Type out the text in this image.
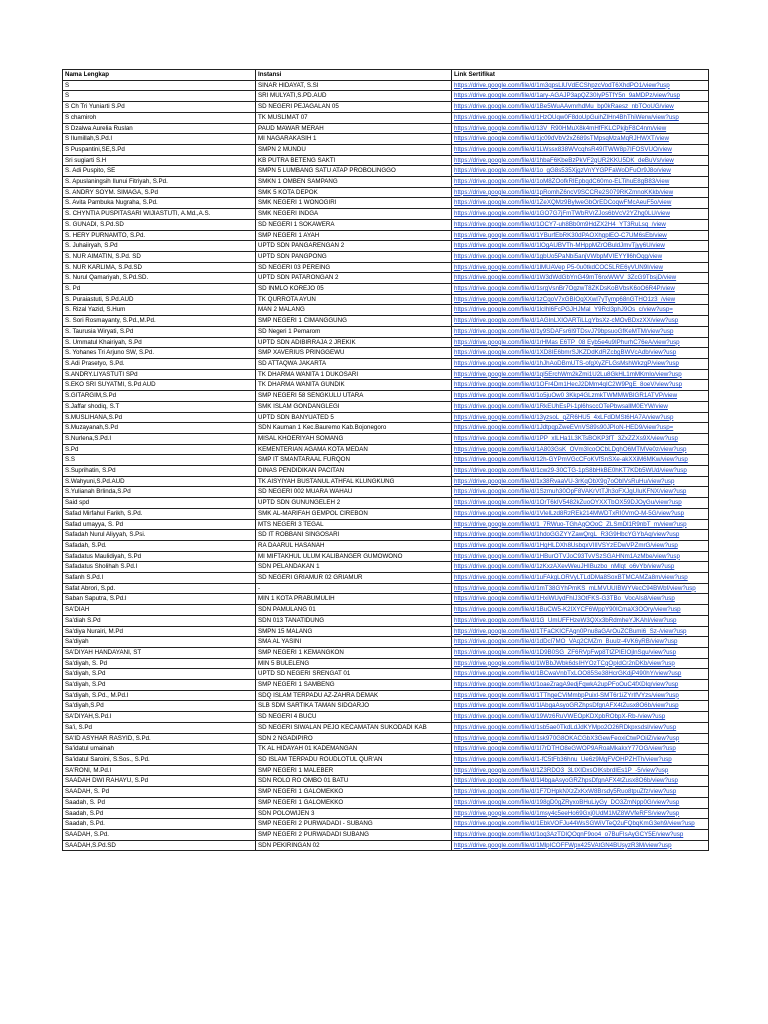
Nama Lengkap	Instansi	Link Sertifikat
S	SINAR HIDAYAT, S.SI	https://drive.google.com/file/d/1m3qpsLlUVdECShpzcVodT6XhdPO1/view?usp
S	SRI MULYATI,S.PD.AUD	https://drive.google.com/file/d/1ary-AGAJP3apQZ30IyP5TfY5n_9aMDPz/view?usp
S Ch Tri Yuniarti S.Pd	SD NEGERI PEJAGALAN 05	https://drive.google.com/file/d/1Be5WuAAvmrhdMu_bp0kRaesz_nbTOoUG/view
S chamiroh	TK MUSLIMAT 07	https://drive.google.com/file/d/1HzOUqw0F8doUpGuihZlHn4BhThiWerw/view?usp
S Dzalwa Aurelia Ruslan	PAUD MAWAR MERAH	https://drive.google.com/file/d/13V_R90HMuX8k4mHfFKLCPkjbF8C4nm/view
S Ilumillah,S.Pd.I	MI NAGARAKASIH 1	https://drive.google.com/file/d/1jc09dVbV2xZ689sTMpsqMzaMqRJHWXT/view
S Puspantini,SE,S.Pd	SMPN 2 MUNDU	https://drive.google.com/file/d/1LWssx838WVcqhsR49ITWW8p7IFOSVUO/view
Sri sugiarti S.H	KB PUTRA BETENG SAKTI	https://drive.google.com/file/d/1hbaF6KbeBzPkVF2gUR2KKU5DK_deBuVs/view
S. Adi Puspito, SE	SMPN 5 LUMBANG SATU ATAP PROBOLINGGO	https://drive.google.com/file/d/1o_gG8s535XjgzVnYYGPFaWoDFuOr9J8o/view
S. Apuslaningsih Ilunui Fitriyah, S.Pd.	SMKN 1 OMBEN SAMPANG	https://drive.google.com/file/d/1oM8ZOofkRlEpbqdC60mo-ELTihuE8gB83/view
S. ANDRY SOYM. SIMAGA, S.Pd	SMK 5 KOTA DEPOK	https://drive.google.com/file/d/1pRomhZ6ncV9SCCRe2S079RKZmnoKKkb/view
S. Avita Pambuka Nugraha, S.Pd.	SMK NEGERI 1 WONOGIRI	https://drive.google.com/file/d/1ZeXQMz9BylweGbOrEDCoqwFMcAeuF5o/view
S. CHYNTIA PUSPITASARI WIJIASTUTI, A.Md.,A.S.	SMK NEGERI INDGA	https://drive.google.com/file/d/1GO7G7jFmTWbRVrZJos6bVcV2YZhg0LU/view
S. GUNADI, S.Pd.SD	SD NEGERI 1 SOKAWERA	https://drive.google.com/file/d/1OCY7-uh8Bb0m9HdZX2H4_YT3RuLsq_/view
S. HERY PURNAMTO, S.Pd.	SMP NEGERI 1 AYAH	https://drive.google.com/file/d/1YBurfEbRK30dPAOXhgplEO-C7UM6sEb/view
S. Juhaiiryah, S.Pd	UPTD SDN PANGARENGAN 2	https://drive.google.com/file/d/1lOgAUBVTh-MHppMZrOBuldJmvTjyy6U/view
S. NUR AIMATIN, S.Pd. SD	UPTD SDN PANGPONG	https://drive.google.com/file/d/1gbUo5PaNbi5anjVWbpMVIEYYll6hOqg/view
S. NUR KARLIMA, S.Pd.SD	SD NEGERI 03 PEREING	https://drive.google.com/file/d/1lMUAVep P5-0u0tkdCOC5LRE6yVUN9I/view
S. Nurul Qamariyah, S.Pd.SD.	UPTD SDN PATARONGAN 2	https://drive.google.com/file/d/1W3dWdGbYnG49mT6nxWWV_3ZcG9TbsjD/view
S. Pd	SD INMLO KOREJO 05	https://drive.google.com/file/d/1srgVsnBr7OgzwT8ZKDsKoBVbsK6oO6R4P/view
S. Puraiastuti, S.Pd.AUD	TK QURROTA AYUN	https://drive.google.com/file/d/1zCgoV7xGBIOgXXwl7yTymp68nGTHO1z3_/view
S. Rizal Yazid, S.Hum	MAN 2 MALANG	https://drive.google.com/file/d/1lcIhl6FcPGJHJMal_Y9Rcl3phJ9Os_c/view?usp=
S. Sori Rosmayanty, S.Pd.,M.Pd.	SMP NEGERI 1 CIMANGGUNG	https://drive.google.com/file/d/1AGInLXIOARTiLLgYbsXz-cMOvBDxzXX/view?usp
S. Taurusia Wiryati, S.Pd	SD Negeri 1 Pemarom	https://drive.google.com/file/d/1y9SDAFsr6I9TDsvJ79bpsuoGfKeMTM/view?usp
S. Ummatul Khairiyah, S.Pd	UPTD SDN ADIBIRRAJA 2 JREKIK	https://drive.google.com/file/d/1rHMas E6TP_08 Eyb5e4u9IPhurhC76eA/view?usp
S. Yohanes Tri Arjuno SW, S.Pd.	SMP XAVERIUS PRINGGEWU	https://drive.google.com/file/d/1XD8IE6bmrSJKZDdKdRZcbgBWVcAdb/view?usp
S.Adi Prasetyo, S.Pd.	SD ATTAQWA JAKARTA	https://drive.google.com/file/d/1hJhAoDBmUTS-ofgXyZFLGsMshWkzgP/view?usp
S.ANDRY.LIYASTUTI SPd	TK DHARMA WANITA 1 DUKOSARI	https://drive.google.com/file/d/1qI5ErchWm2kZmi1U2Lu8GkHL1mMKmlo/view?usp
S.EKO SRI SUYATMI, S.Pd AUD	TK DHARMA WANITA GUNDIK	https://drive.google.com/file/d/1OFr4Dm1HecJ2DMm4qIC2W9PgE_8oeV/view?usp
S.GITARGIM,S.Pd	SMP NEGERI 58 SENGKULU UTARA	https://drive.google.com/file/d/1o5juOw0 3Kkp4GLzmkTWMMWBIGR1ATVP/view
S.Jaffar shodiq, S.T	SMK ISLAM GONDANGLEGI	https://drive.google.com/file/d/1RkEUhEsPi-1pl6hsccOTePbwsallM0EYW/view
S.MUSLIHANA,S.Pd	UPTD SDN BANYUATED 5	https://drive.google.com/file/d/13yzsoL_qZR6HU5_4xLFdDMSt6HA7A/view?usp
S.Muzayanah,S.Pd	SDN Kauman 1 Kec.Bauremo Kab.Bojonegoro	https://drive.google.com/file/d/1JdtpqpZweEVnVS89s90JPIoN-HED9/view?usp=
S.Nurlena,S.Pd.I	MISAL KHOERIYAH SOMANG	https://drive.google.com/file/d/1PP_xILHa1L3KTsBOKP3fT_3ZxZZXs9X/view?usp
S.Pd	KEMENTERIAN AGAMA KOTA MEDAN	https://drive.google.com/file/d/1A803GsK_OVm3IcoOCbLDghO6MTMVe0z/view?usp
S.S	SMP IT SMANTARAAL FURQON	https://drive.google.com/file/d/12h-GYPmVGcCFoKVfSnSXe-akXXiM6MKw/view?usp
S.Suprihatin, S.Pd	DINAS PENDIDIKAN PACITAN	https://drive.google.com/file/d/1cw29-30CTG-1pS8bHkBE0hKT7KDb5WUd/view?usp
S.Wahyuni,S.Pd.AUD	TK AISYIYAH BUSTANUL ATHFAL KLUNGKUNG	https://drive.google.com/file/d/1x38RvaaVU-3rKqObX9g7oObIVsRuHu/view?usp
S.Yulianah Brlinda,S.Pd	SD NEGERI 002 MUARA WAHAU	https://drive.google.com/file/d/1Szmuh30OpF8VAKrVtTJh3oFXJgUIuKFNX/view?usp
Said spd	UPTD SDN GUNUNGELEH 2	https://drive.google.com/file/d/1OrT6kIV5482kZuoOYXXTbOX59DJOyGu/view?usp
Safad Mirfahul Farikh, S.Pd.	SMK AL-MARIFAH GEMPOL CIREBON	https://drive.google.com/file/d/1VlelLzd8RzREk214MWDTxRI0VmO-M-5G/view?usp
Safad umayya, S. Pd	MTS NEGERI 3 TEGAL	https://drive.google.com/file/d/1_7RWuo-TGhAgOOoC_ZLSmDl1R9nbT_m/view?usp
Safadah Nurul Aliyyah, S.Psi.	SD IT ROBBANI SINGOSARI	https://drive.google.com/file/d/1hdoGGZYYZawQrgL_R3G9HbcYGYbAq/view?usp
Safadah, S.Pd.	RA DAARUL HASANAH	https://drive.google.com/file/d/1HgHLDXh8UsbqxVIIIVSYzEDwVPZmrG/view?usp
Safadatus Maulidiyah, S.Pd	MI MIFTAKHUL ULUM KALIBANGER GUMOWONO	https://drive.google.com/file/d/1HBurOTVJoC93TvVSzSGAHNm1AzMbe/view?usp
Safadatus Sholihah S.Pd.I	SDN PELANDAKAN 1	https://drive.google.com/file/d/1zKxzAXevWeuJHIBuzbo_nMlqt_o6vYb/view?usp
Safanh S.Pd.I	SD NEGERI GRIAMUR 02 GRIAMUR	https://drive.google.com/file/d/1uFAkgLORVyLTLdDMa8SoxBTMCAMZa8m/view?usp
Safat Abrori, S.pd.	-	https://drive.google.com/file/d/1mT38GYhPmKS_mLMVUUIBWYVecC94BWbf/view?usp
Saban Saputra, S.Pd.I	MIN 1 KOTA PRABUMULIH	https://drive.google.com/file/d/1HxiWUydFhIJ3OtFKS-G3TBo_VocAIs8/view?usp
SA'DIAH	SDN PAMULANG 01	https://drive.google.com/file/d/1BuCW5-K2IXYCF6WppY90ICmaX3OOry/view?usp
Sa'diah S.Pd	SDN 013 TANATIDUNG	https://drive.google.com/file/d/1G_UmUFFHzeW3QXx3bRdmheYJKAhl/view?usp
Sa'diya Nurairi, M.Pd	SMPN 15 MALANG	https://drive.google.com/file/d/1TFaCKICFAgn0Pnu8aGArOuZCBumi6_Sz-/view?usp
Sa'diyah	SMA AL YASINI	https://drive.google.com/file/d/1dDcl7MO_VAq2CMZm_Buulz-4VK6yRB/view?usp
SA'DIYAH HANDAYANI, ST	SMP NEGERI 1 KEMANGKON	https://drive.google.com/file/d/1D9B0SG_ZF6RVpFwp8TtZPIEIOjlnSgu/view?usp
Sa'diyah, S. Pd	MIN 5 BULELENG	https://drive.google.com/file/d/1WBbJWbk6dsIHYOzTCgOpIdCr2nDKb/view?usp
Sa'diyah, S.Pd	UPTD SD NEGERI SRENGAT 01	https://drive.google.com/file/d/1BCwaVnbTxLOO85Se38HcrGKdjP490hY/view?usp
Sa'diyah, S.Pd	SMP NEGERI 1 SAMBENG	https://drive.google.com/file/d/1oaeZragA9edjFqwkA2upPFoOuC4fXDIq/view?usp
Sa'diyah, S.Pd., M.Pd.I	SDQ ISLAM TERPADU AZ-ZAHRA DEMAK	https://drive.google.com/file/d/1TThgeCViMmbpPuixl-SMT6r1iZYrIfVYzs/view?usp
Sa'diyah,S.Pd	SLB SDM SARTIKA TAMAN SIDOARJO	https://drive.google.com/file/d/1lAbgaAsyoGRZhpsDfgnAFX4tZusx8O6b/view?usp
SA'DIYAH,S.Pd.I	SD NEGERI 4 BUCU	https://drive.google.com/file/d/19Wz6RuVWEOpKDXpbRObpX-Rb-/view?usp
Sa'i, S.Pd	SD NEGERI SIWALAN PEJO KECAMATAN SUKODADI KAB	https://drive.google.com/file/d/1sb5ae0TkdLdJdKYMpo2O26RDkpxsdsl/view?usp
SA'ID ASYHAR RASYID, S.Pd.	SDN 2 NGADIPIRO	https://drive.google.com/file/d/1sk970G8OKACGbX3GewFeoxiCtwPOilZ/view?usp
Sa'idatul umainah	TK AL HIDAYAH 01 KADEMANGAN	https://drive.google.com/file/d/1I7rDTHO8eGWOP9ARoaMkakxY77OG/view?usp
Sa'idatul Saroini, S.Sos., S.Pd.	SD ISLAM TERPADU ROUDLOTUL QUR'AN	https://drive.google.com/file/d/1-fC5tFb36hnu_Ue6z9MgFVOHPZHTh/view?usp
SA'RONI, M.Pd.I	SMP NEGERI 1 MALEBER	https://drive.google.com/file/d/1Z3RDO3_3LtXIDxsOIKsbrdIEs1P_-5/view?usp
SAADAH DWI RAHAYU, S.Pd	SDN ROLO RO OMBO 01 BATU	https://drive.google.com/file/d/1l4bgaAsyoGRZhpsDfgnAFX4tZusx8O6b/view?usp
SAADAH, S. Pd	SMP NEGERI 1 GALOMEKKO	https://drive.google.com/file/d/1F7DHpkNXzZxKxW8Brsdy5Ruo8tpuZfz/view?usp
Saadah, S. Pd	SMP NEGERI 1 GALOMEKKO	https://drive.google.com/file/d/198gD0gZRyxoBHuLiyGy_DO3ZmNpp0G/view?usp
Saadah, S.Pd	SDN POLOWIJEN 3	https://drive.google.com/file/d/1msy4c5eeHo69Gxj0UdM1MZ8WVfeRFS/view?usp
Saadah, S.Pd.	SMP NEGERI 2 PURWADADI - SUBANG	https://drive.google.com/file/d/1EbkVOFJu44WsSGWiVTeQ2uFQbqKmG3eh9/view?usp
SAADAH, S.Pd.	SMP NEGERI 2 PURWADADI SUBANG	https://drive.google.com/file/d/1oq3AzTDIQOqnF9oo4_o7BuFIsAyGCY5E/view?usp
SAADAH,S.Pd.SD	SDN PEKIRINGAN 02	https://drive.google.com/file/d/1MlpICOFFWpx425VAtGN4BUsyzR3M/view?usp
